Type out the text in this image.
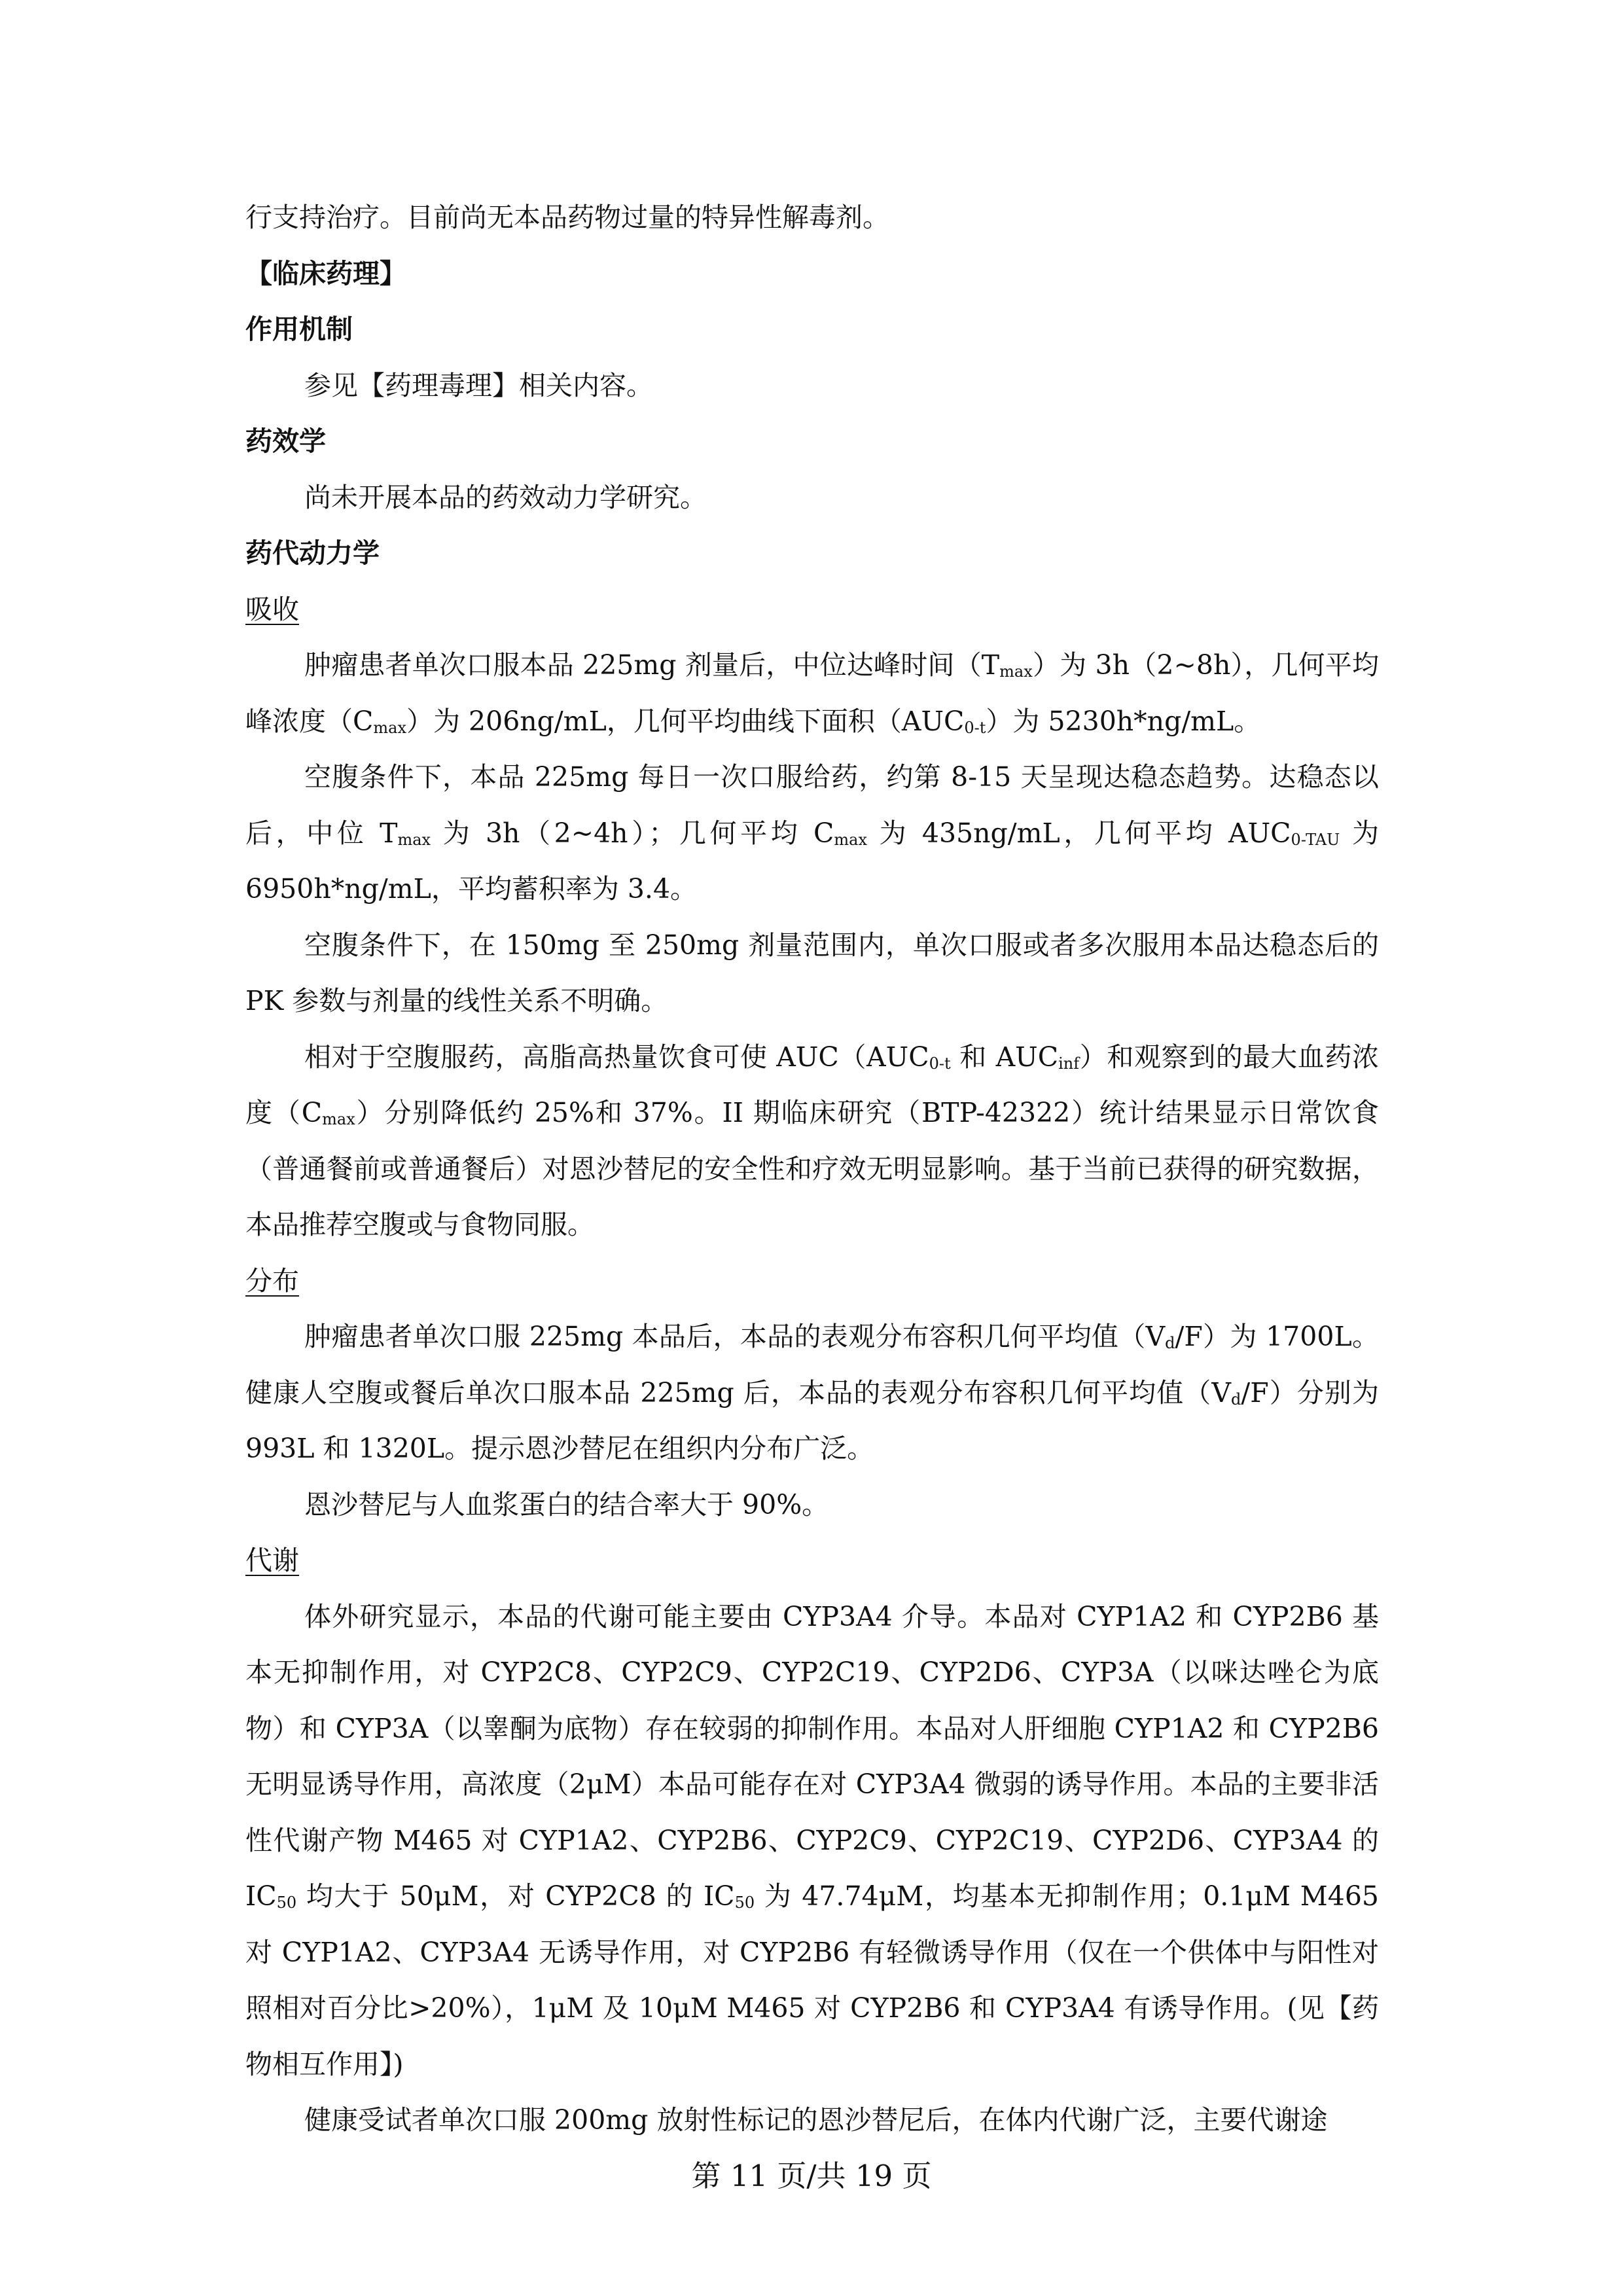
行支持治疗。目前尚无本品药物过量的特异性解毒剂。

【临床药理】

作用机制

参见【药理毒理】相关内容。

药效学

尚未开展本品的药效动力学研究。

药代动力学

吸收

肿瘤患者单次口服本品 225mg 剂量后，中位达峰时间$(T_{max})$为 3h（2~8h），几何平均峰浓度$(C_{max})$为 206ng/mL，几何平均曲线下面积$(AUC_{0-t})$为 5230h*ng/mL。

空腹条件下，本品 225mg 每日一次口服给药，约第 8-15 天呈现达稳态趋势。达稳态以后，中位 $T_{max}$ 为 3h（2~4h）；几何平均 $C_{max}$ 为 435ng/mL，几何平均 $AUC_{0-TAU}$ 为 6950h*ng/mL，平均蓄积率为 3.4。

空腹条件下，在 150mg 至 250mg 剂量范围内，单次口服或者多次服用本品达稳态后的 PK 参数与剂量的线性关系不明确。

相对于空腹服药，高脂高热量饮食可使 $AUC(AUC_{0-t}$ 和 $AUC_{inf}$）和观察到的最大血药浓度$(C_{max})$分别降低约 25%和 37%。II 期临床研究（BTP-42322）统计结果显示日常饮食（普通餐前或普通餐后）对恩沙替尼的安全性和疗效无明显影响。基于当前已获得的研究数据，本品推荐空腹或与食物同服。

分布

肿瘤患者单次口服 225mg 本品后，本品的表观分布容积几何平均值$(V_d/F)$为 1700L。健康人空腹或餐后单次口服本品 225mg 后，本品的表观分布容积几何平均值$(V_d/F)$分别为 993L 和 1320L。提示恩沙替尼在组织内分布广泛。

恩沙替尼与人血浆蛋白的结合率大于 90%。

代谢

体外研究显示，本品的代谢可能主要由 CYP3A4 介导。本品对 CYP1A2 和 CYP2B6 基本无抑制作用，对 CYP2C8、CYP2C9、CYP2C19、CYP2D6、CYP3A（以咪达唑仑为底物）和 CYP3A（以睾酮为底物）存在较弱的抑制作用。本品对人肝细胞 CYP1A2 和 CYP2B6 无明显诱导作用，高浓度（2μM）本品可能存在对 CYP3A4 微弱的诱导作用。本品的主要非活性代谢产物 M465 对 CYP1A2、CYP2B6、CYP2C9、CYP2C19、CYP2D6、CYP3A4 的 $IC_{50}$ 均大于 50μM，对 CYP2C8 的 $IC_{50}$ 为 47.74μM，均基本无抑制作用；0.1μM M465 对 CYP1A2、CYP3A4 无诱导作用，对 CYP2B6 有轻微诱导作用（仅在一个供体中与阳性对照相对百分比>20%），1μM 及 10μM M465 对 CYP2B6 和 CYP3A4 有诱导作用。(见【药物相互作用】)

健康受试者单次口服 200mg 放射性标记的恩沙替尼后，在体内代谢广泛，主要代谢途

第 11 页/共 19 页
